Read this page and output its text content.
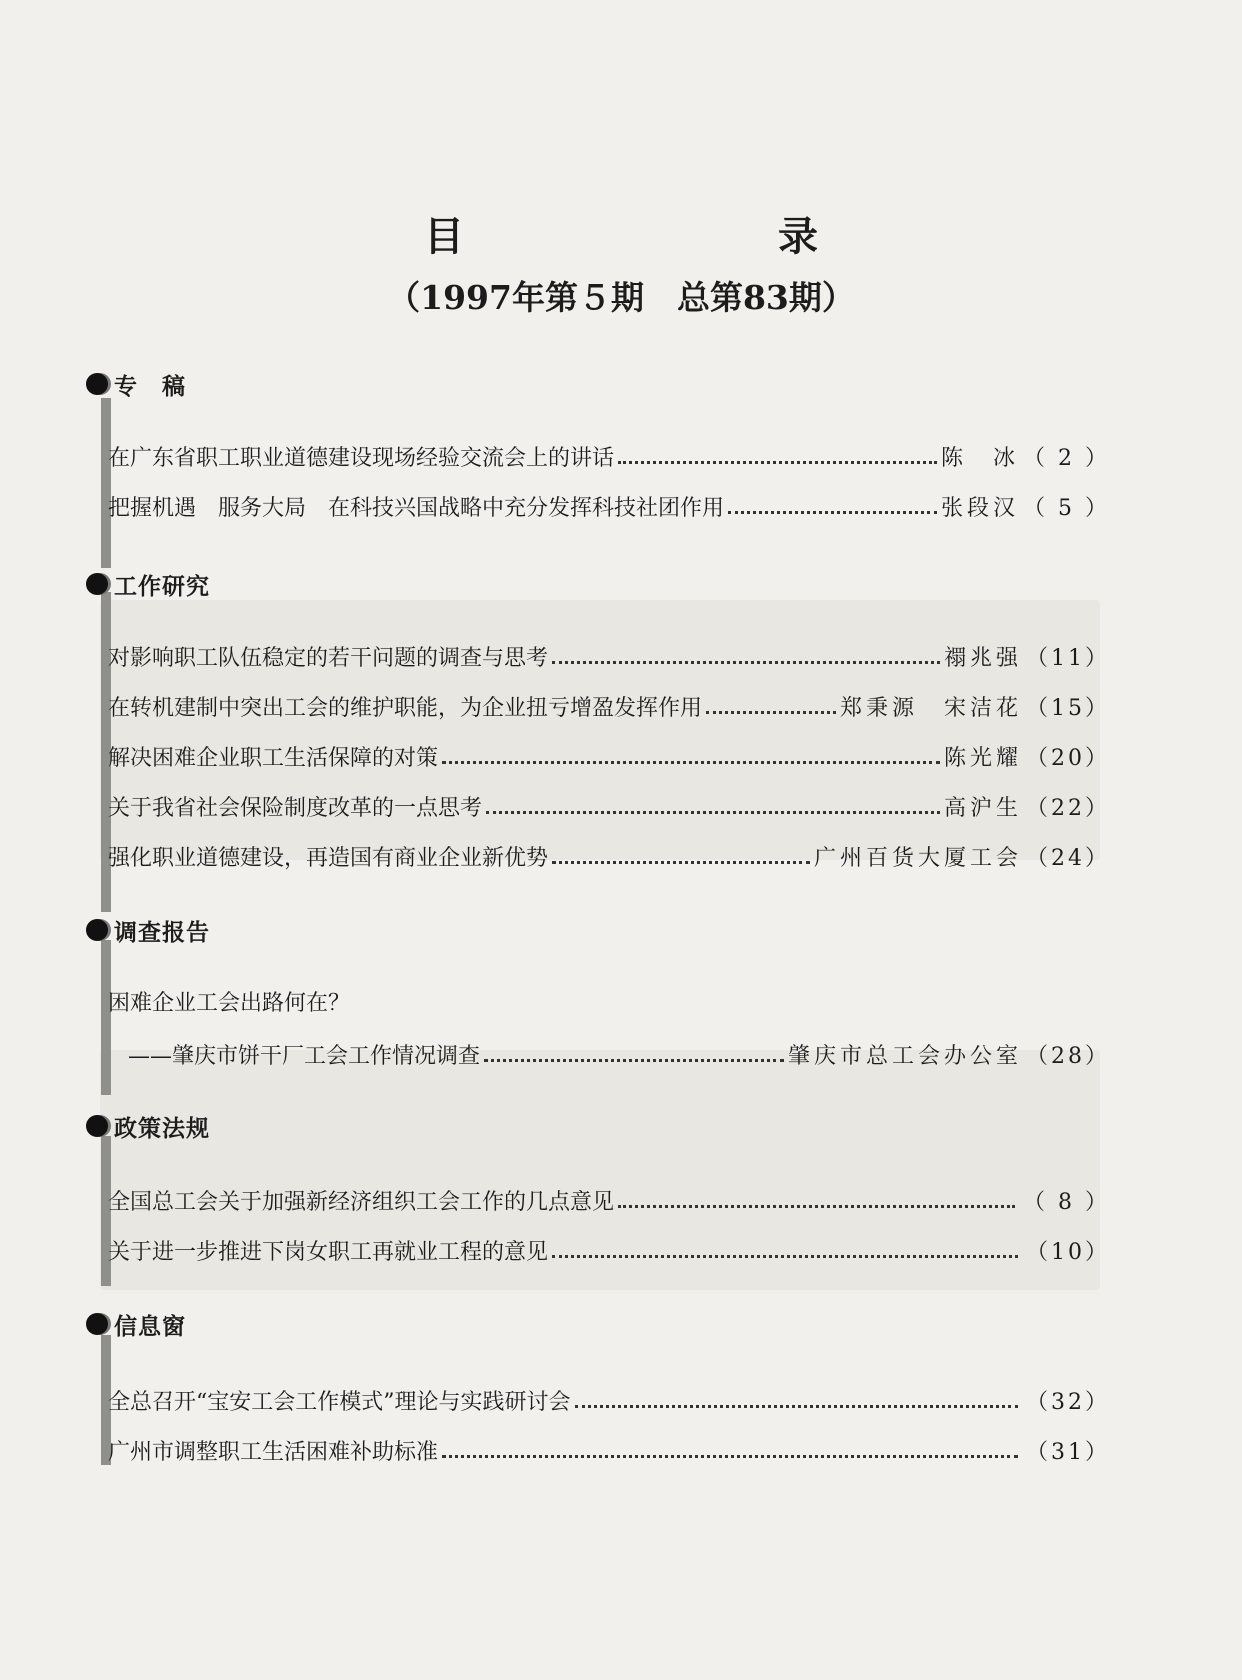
目 录
（1997年第５期　总第83期）
专　稿
在广东省职工职业道德建设现场经验交流会上的讲话	陈　冰 （ 2 ）
把握机遇　服务大局　在科技兴国战略中充分发挥科技社团作用	张段汉 （ 5 ）
工作研究
对影响职工队伍稳定的若干问题的调查与思考	禤兆强 （11）
在转机建制中突出工会的维护职能，为企业扭亏增盈发挥作用	郑秉源　宋洁花 （15）
解决困难企业职工生活保障的对策	陈光耀 （20）
关于我省社会保险制度改革的一点思考	高沪生 （22）
强化职业道德建设，再造国有商业企业新优势	广州百货大厦工会 （24）
调查报告
困难企业工会出路何在？
——肇庆市饼干厂工会工作情况调查	肇庆市总工会办公室 （28）
政策法规
全国总工会关于加强新经济组织工会工作的几点意见	（ 8 ）
关于进一步推进下岗女职工再就业工程的意见	（10）
信息窗
全总召开“宝安工会工作模式”理论与实践研讨会	（32）
广州市调整职工生活困难补助标准	（31）
